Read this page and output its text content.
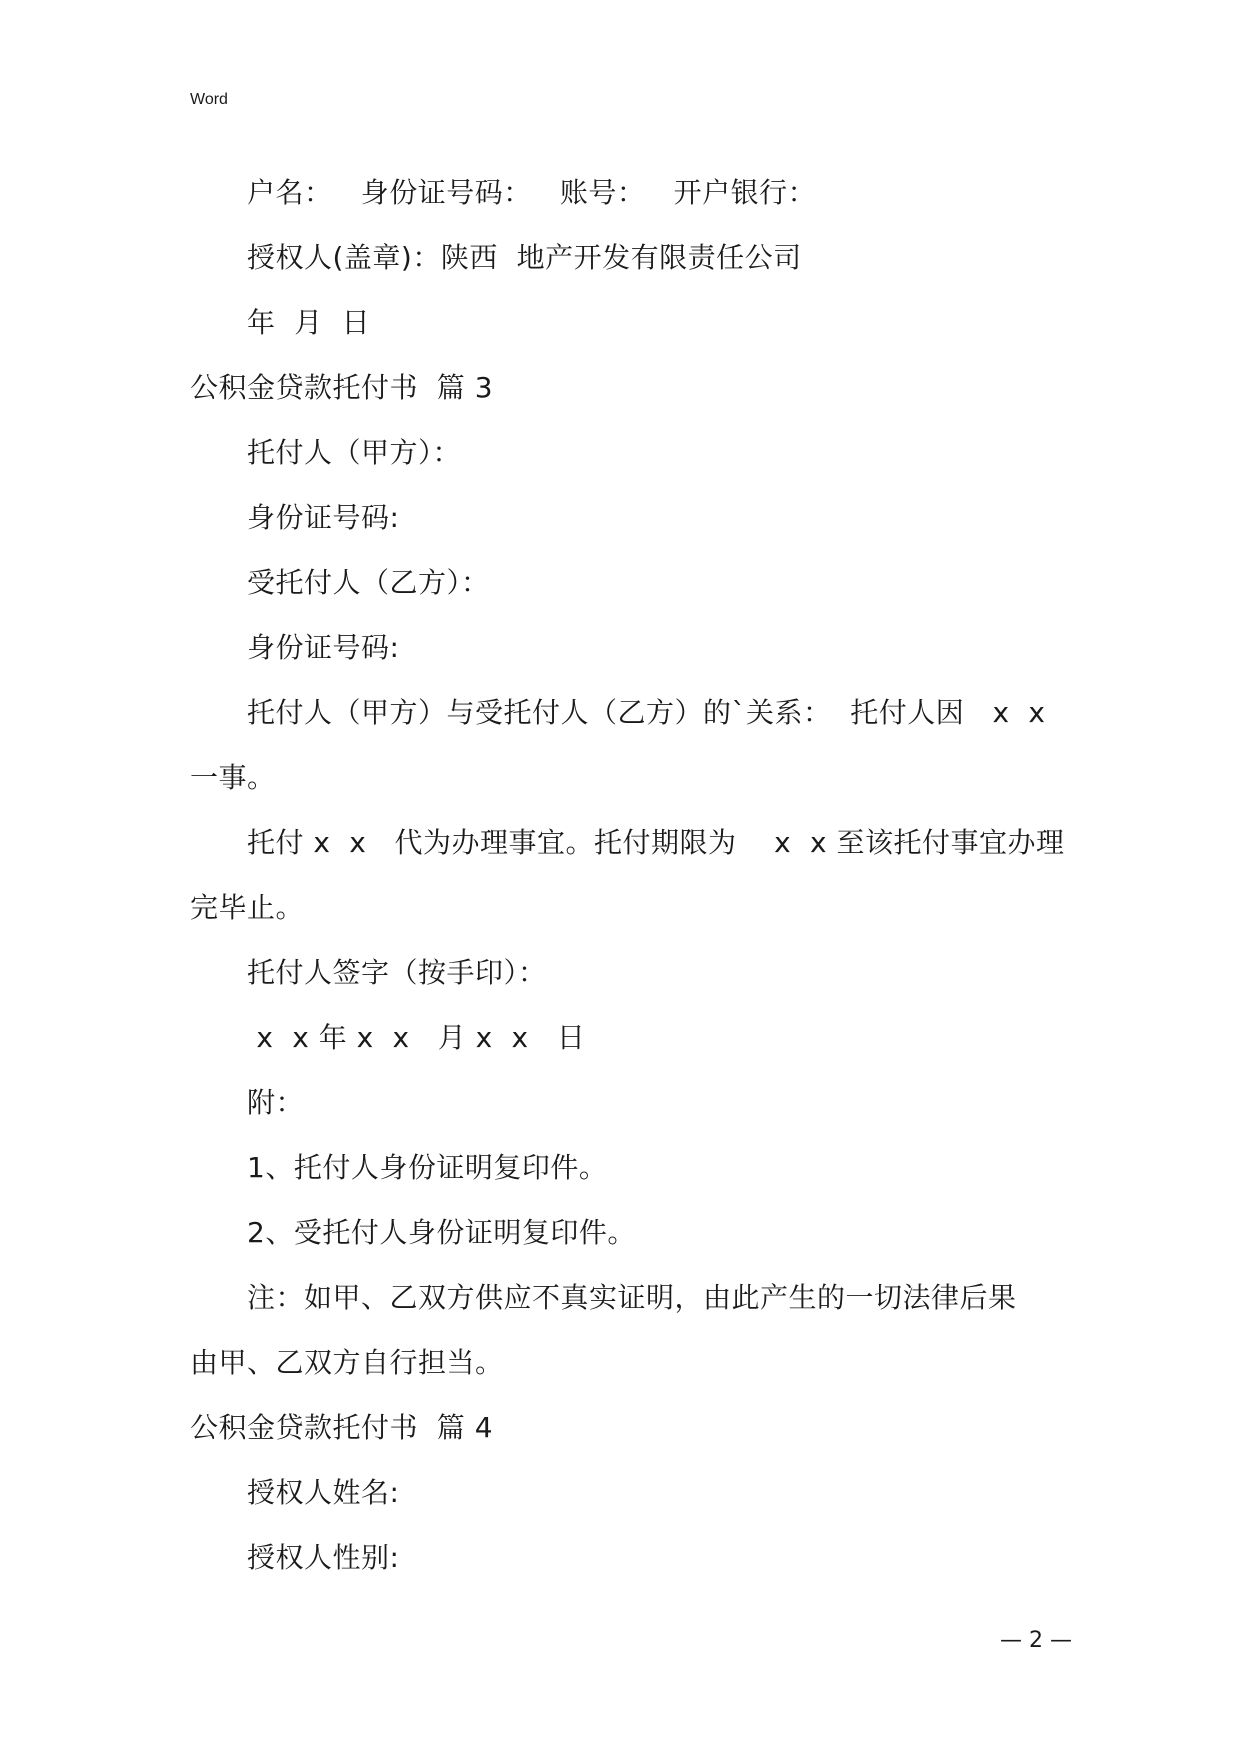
Word

户名：   身份证号码：   账号：   开户银行：

授权人(盖章)：陕西  地产开发有限责任公司

年  月  日

公积金贷款托付书  篇 3

托付人（甲方）：

身份证号码:

受托付人（乙方）：

身份证号码:

托付人（甲方）与受托付人（乙方）的`关系：  托付人因   x  x

一事。

托付 x  x   代为办理事宜。托付期限为    x  x 至该托付事宜办理

完毕止。

托付人签字（按手印）：

x  x 年 x  x   月 x  x   日

附：

1、托付人身份证明复印件。

2、受托付人身份证明复印件。

注：如甲、乙双方供应不真实证明，由此产生的一切法律后果

由甲、乙双方自行担当。

公积金贷款托付书  篇 4

授权人姓名:

授权人性别:

— 2 —
